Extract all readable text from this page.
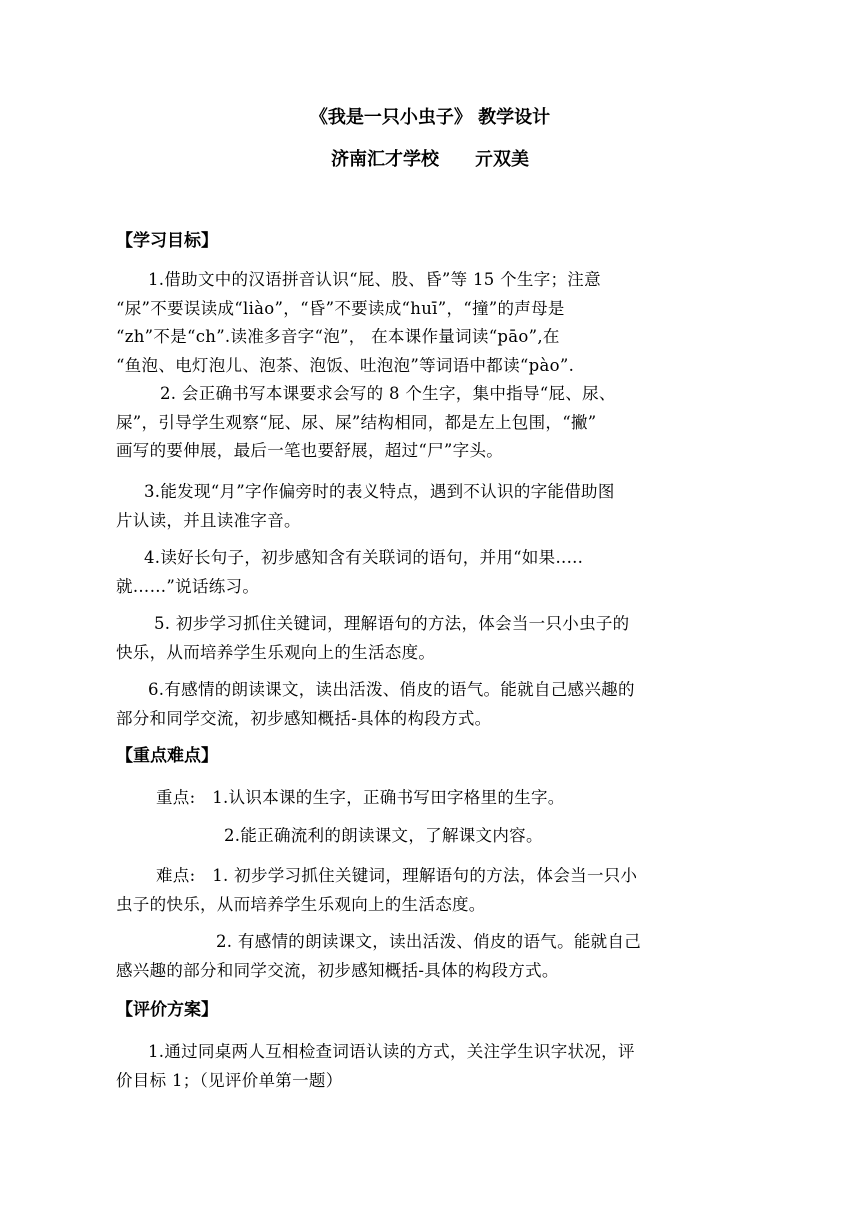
《我是一只小虫子》 教学设计
济南汇才学校　　亓双美
【学习目标】
1.借助文中的汉语拼音认识“屁、股、昏”等 15 个生字；注意
“尿”不要误读成“liào”，“昏”不要读成“huī”，“撞”的声母是
“zh”不是“ch”.读准多音字“泡”， 在本课作量词读“pāo”,在
“鱼泡、电灯泡儿、泡茶、泡饭、吐泡泡”等词语中都读“pào”.
2. 会正确书写本课要求会写的 8 个生字，集中指导“屁、尿、
屎”，引导学生观察“屁、尿、屎”结构相同，都是左上包围，“撇”
画写的要伸展，最后一笔也要舒展，超过“尸”字头。
3.能发现“月”字作偏旁时的表义特点，遇到不认识的字能借助图
片认读，并且读准字音。
4.读好长句子，初步感知含有关联词的语句，并用“如果.....
就……”说话练习。
5. 初步学习抓住关键词，理解语句的方法，体会当一只小虫子的
快乐，从而培养学生乐观向上的生活态度。
6.有感情的朗读课文，读出活泼、俏皮的语气。能就自己感兴趣的
部分和同学交流，初步感知概括-具体的构段方式。
【重点难点】
重点:　1.认识本课的生字，正确书写田字格里的生字。
2.能正确流利的朗读课文，了解课文内容。
难点:　1. 初步学习抓住关键词，理解语句的方法，体会当一只小
虫子的快乐，从而培养学生乐观向上的生活态度。
2. 有感情的朗读课文，读出活泼、俏皮的语气。能就自己
感兴趣的部分和同学交流，初步感知概括-具体的构段方式。
【评价方案】
1.通过同桌两人互相检查词语认读的方式，关注学生识字状况，评
价目标 1；（见评价单第一题）
